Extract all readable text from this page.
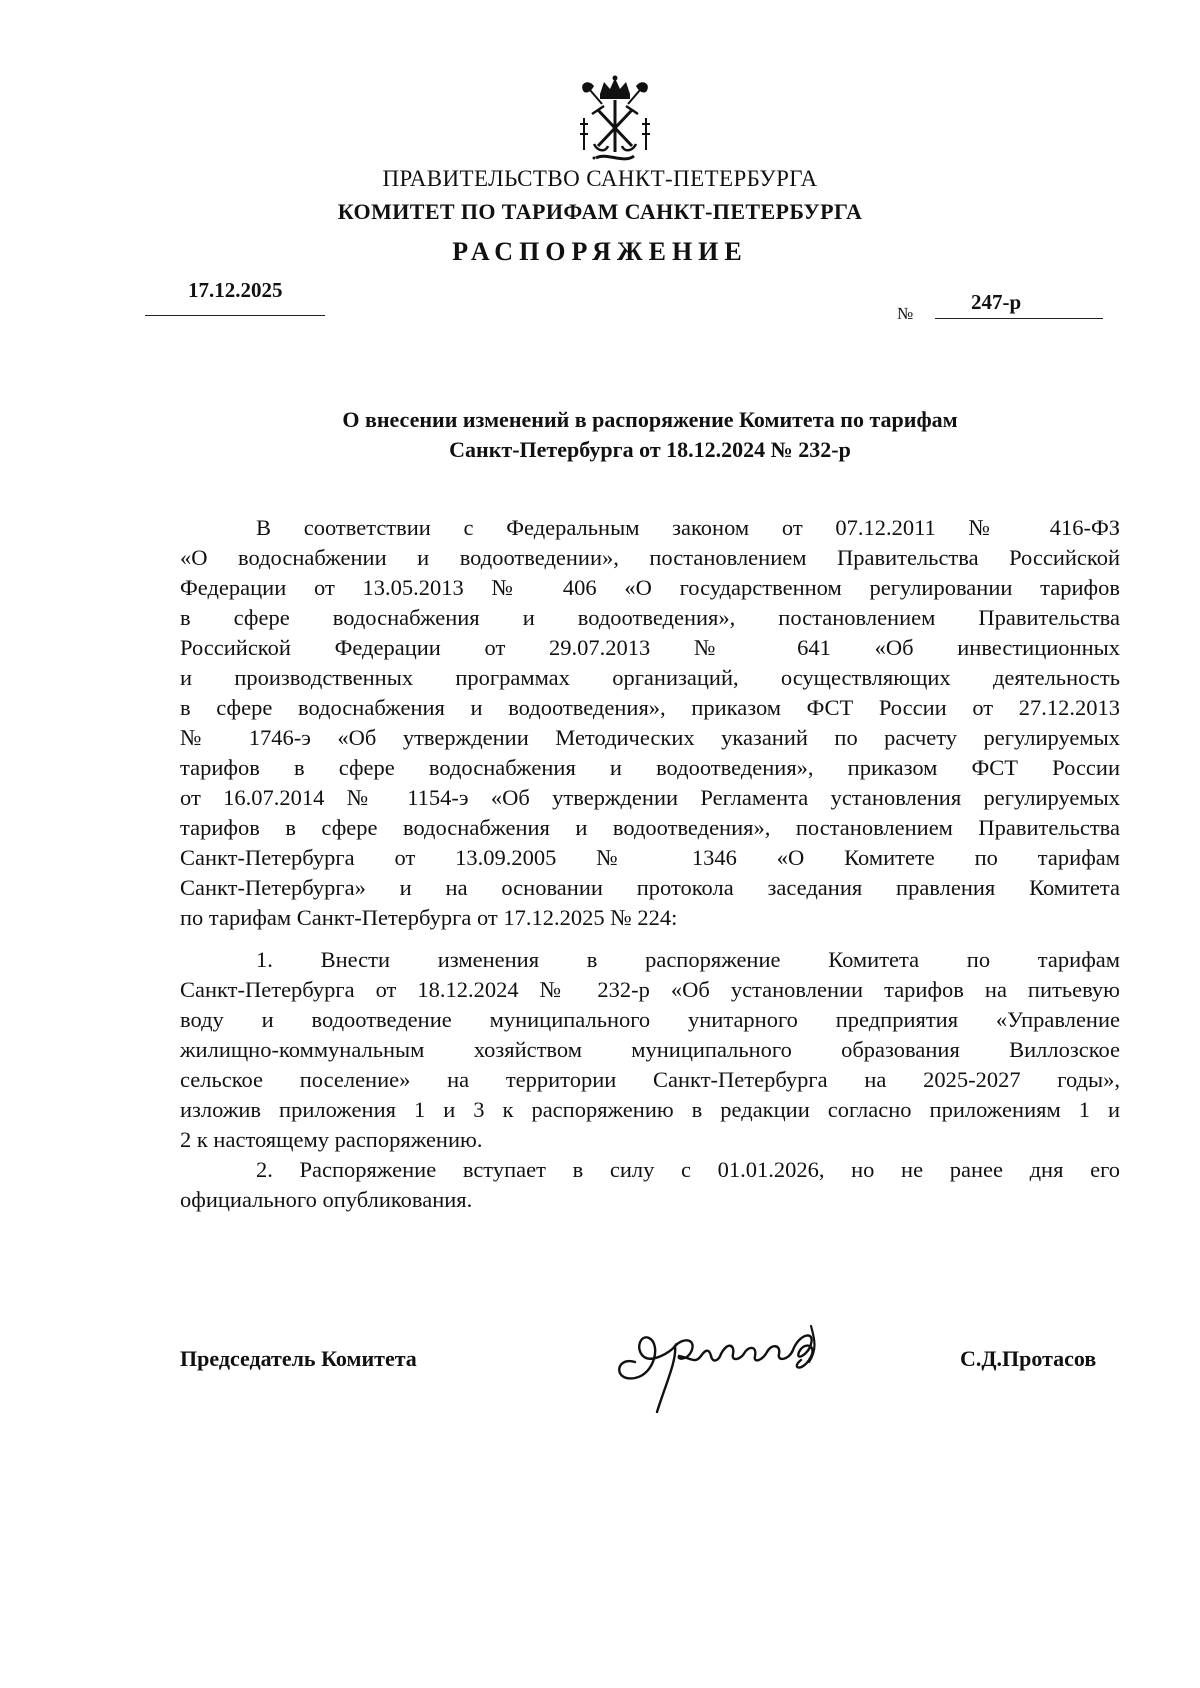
ПРАВИТЕЛЬСТВО САНКТ-ПЕТЕРБУРГА
КОМИТЕТ ПО ТАРИФАМ САНКТ-ПЕТЕРБУРГА
РАСПОРЯЖЕНИЕ
17.12.2025
№	247-р
О внесении изменений в распоряжение Комитета по тарифам
Санкт-Петербурга от 18.12.2024 № 232-р
В соответствии с Федеральным законом от 07.12.2011 № 416-ФЗ
«О водоснабжении и водоотведении», постановлением Правительства Российской
Федерации от 13.05.2013 № 406 «О государственном регулировании тарифов
в сфере водоснабжения и водоотведения», постановлением Правительства
Российской Федерации от 29.07.2013 № 641 «Об инвестиционных
и производственных программах организаций, осуществляющих деятельность
в сфере водоснабжения и водоотведения», приказом ФСТ России от 27.12.2013
№ 1746-э «Об утверждении Методических указаний по расчету регулируемых
тарифов в сфере водоснабжения и водоотведения», приказом ФСТ России
от 16.07.2014 № 1154-э «Об утверждении Регламента установления регулируемых
тарифов в сфере водоснабжения и водоотведения», постановлением Правительства
Санкт-Петербурга от 13.09.2005 № 1346 «О Комитете по тарифам
Санкт-Петербурга» и на основании протокола заседания правления Комитета
по тарифам Санкт-Петербурга от 17.12.2025 № 224:
1. Внести изменения в распоряжение Комитета по тарифам
Санкт-Петербурга от 18.12.2024 № 232-р «Об установлении тарифов на питьевую
воду и водоотведение муниципального унитарного предприятия «Управление
жилищно-коммунальным хозяйством муниципального образования Виллозское
сельское поселение» на территории Санкт-Петербурга на 2025-2027 годы»,
изложив приложения 1 и 3 к распоряжению в редакции согласно приложениям 1 и
2 к настоящему распоряжению.
2. Распоряжение вступает в силу с 01.01.2026, но не ранее дня его
официального опубликования.
Председатель Комитета	С.Д.Протасов
